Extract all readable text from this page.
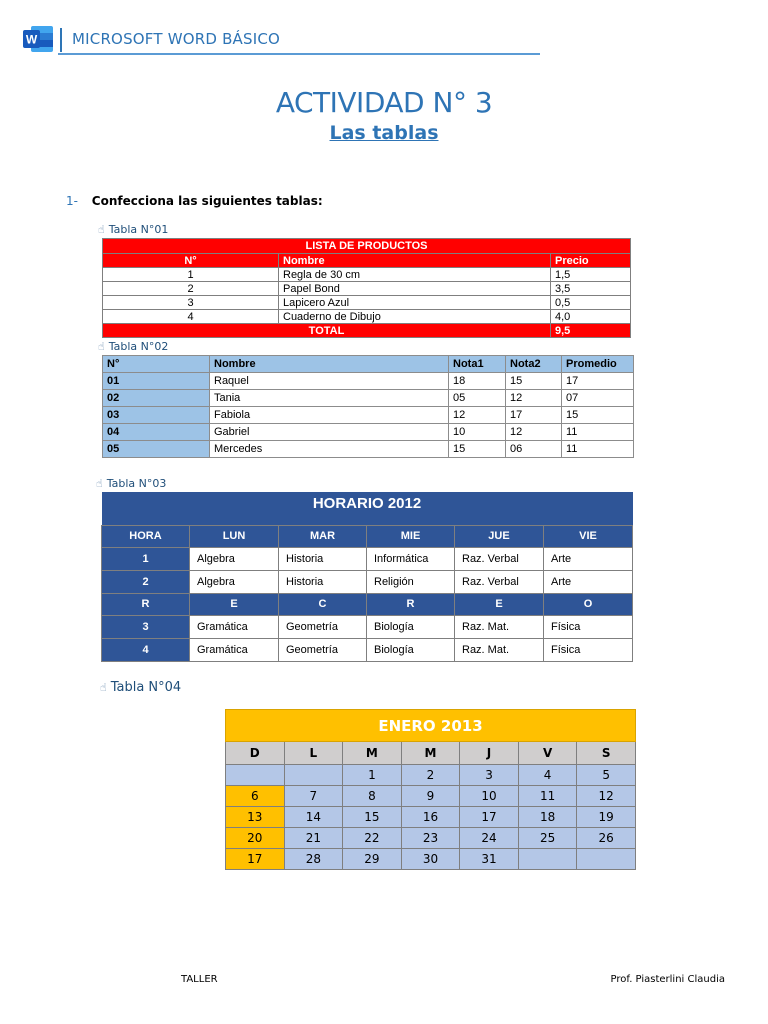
W MICROSOFT WORD BÁSICO
ACTIVIDAD N° 3
Las tablas
1- Confecciona las siguientes tablas:
☝ Tabla N°01
LISTA DE PRODUCTOS		
N°	Nombre	Precio
1	Regla de 30 cm	1,5
2	Papel Bond	3,5
3	Lapicero Azul	0,5
4	Cuaderno de Dibujo	4,0
TOTAL		9,5
☝ Tabla N°02
N°	Nombre	Nota1	Nota2	Promedio
01	Raquel	18	15	17
02	Tania	05	12	07
03	Fabiola	12	17	15
04	Gabriel	10	12	11
05	Mercedes	15	06	11
☝ Tabla N°03
HORARIO 2012					
HORA	LUN	MAR	MIE	JUE	VIE
1	Algebra	Historia	Informática	Raz. Verbal	Arte
2	Algebra	Historia	Religión	Raz. Verbal	Arte
R	E	C	R	E	O
3	Gramática	Geometría	Biología	Raz. Mat.	Física
4	Gramática	Geometría	Biología	Raz. Mat.	Física
☝ Tabla N°04
ENERO 2013						
D	L	M	M	J	V	S
		1	2	3	4	5
6	7	8	9	10	11	12
13	14	15	16	17	18	19
20	21	22	23	24	25	26
17	28	29	30	31		
TALLER	Prof. Piasterlini Claudia
